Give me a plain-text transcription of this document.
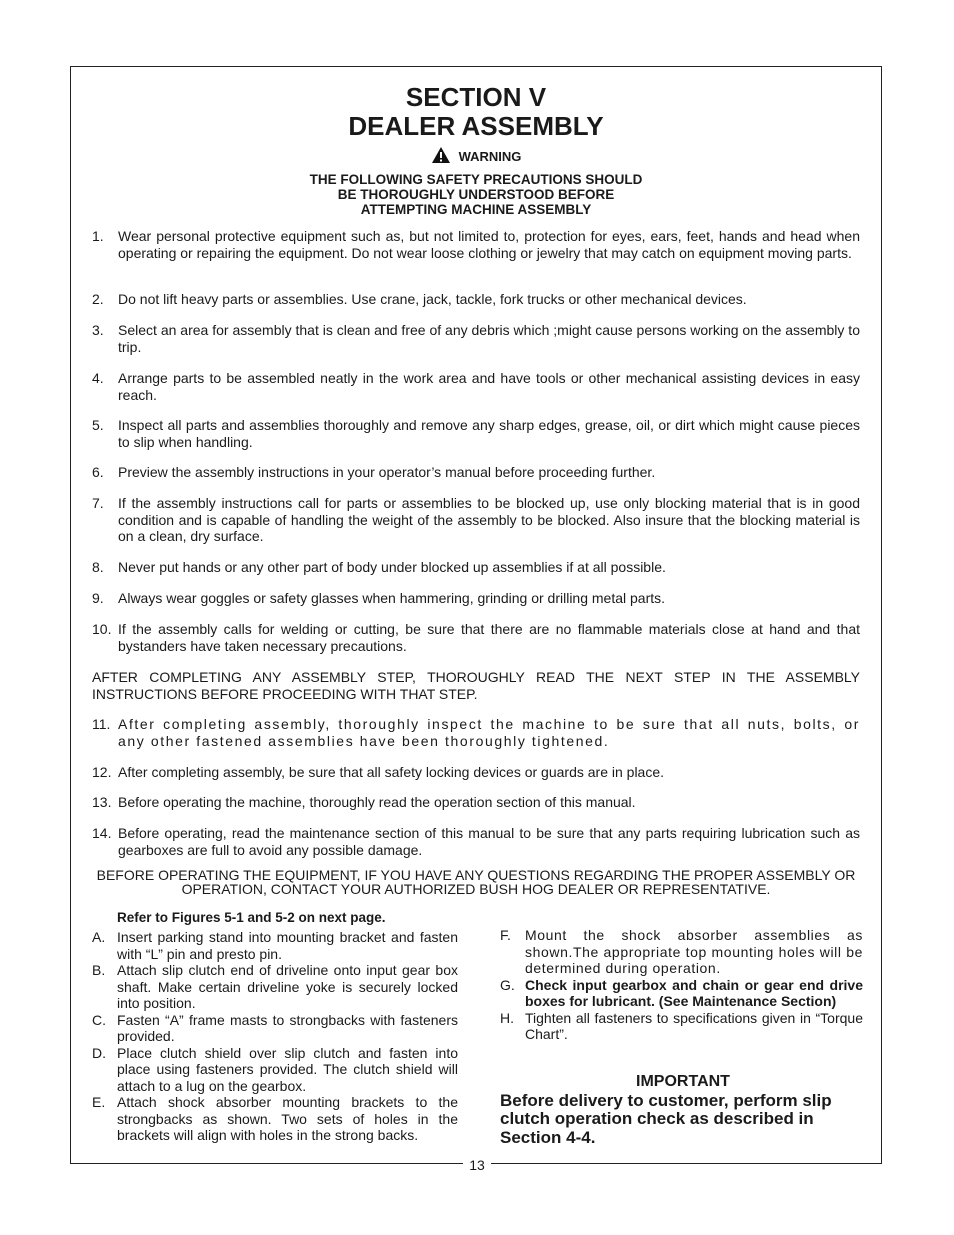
SECTION V
DEALER ASSEMBLY
WARNING
THE FOLLOWING SAFETY PRECAUTIONS SHOULD
BE THOROUGHLY UNDERSTOOD BEFORE
ATTEMPTING MACHINE ASSEMBLY
1. Wear personal protective equipment such as, but not limited to, protection for eyes, ears, feet, hands and head when operating or repairing the equipment. Do not wear loose clothing or jewelry that may catch on equipment moving parts.
2. Do not lift heavy parts or assemblies. Use crane, jack, tackle, fork trucks or other mechanical devices.
3. Select an area for assembly that is clean and free of any debris which ;might cause persons working on the assembly to trip.
4. Arrange parts to be assembled neatly in the work area and have tools or other mechanical assisting devices in easy reach.
5. Inspect all parts and assemblies thoroughly and remove any sharp edges, grease, oil, or dirt which might cause pieces to slip when handling.
6. Preview the assembly instructions in your operator’s manual before proceeding further.
7. If the assembly instructions call for parts or assemblies to be blocked up, use only blocking material that is in good condition and is capable of handling the weight of the assembly to be blocked. Also insure that the blocking material is on a clean, dry surface.
8. Never put hands or any other part of body under blocked up assemblies if at all possible.
9. Always wear goggles or safety glasses when hammering, grinding or drilling metal parts.
10. If the assembly calls for welding or cutting, be sure that there are no flammable materials close at hand and that bystanders have taken necessary precautions.
AFTER COMPLETING ANY ASSEMBLY STEP, THOROUGHLY READ THE NEXT STEP IN THE ASSEMBLY INSTRUCTIONS BEFORE PROCEEDING WITH THAT STEP.
11. After completing assembly, thoroughly inspect the machine to be sure that all nuts, bolts, or any other fastened assemblies have been thoroughly tightened.
12. After completing assembly, be sure that all safety locking devices or guards are in place.
13. Before operating the machine, thoroughly read the operation section of this manual.
14. Before operating, read the maintenance section of this manual to be sure that any parts requiring lubrication such as gearboxes are full to avoid any possible damage.
BEFORE OPERATING THE EQUIPMENT, IF YOU HAVE ANY QUESTIONS REGARDING THE PROPER ASSEMBLY OR OPERATION, CONTACT YOUR AUTHORIZED BUSH HOG DEALER OR REPRESENTATIVE.
Refer to Figures 5-1 and 5-2 on next page.
A. Insert parking stand into mounting bracket and fasten with “L” pin and presto pin.
B. Attach slip clutch end of driveline onto input gear box shaft. Make certain driveline yoke is securely locked into position.
C. Fasten “A” frame masts to strongbacks with fasteners provided.
D. Place clutch shield over slip clutch and fasten into place using fasteners provided. The clutch shield will attach to a lug on the gearbox.
E. Attach shock absorber mounting brackets to the strongbacks as shown. Two sets of holes in the brackets will align with holes in the strong backs.
F. Mount the shock absorber assemblies as shown.The appropriate top mounting holes will be determined during operation.
G. Check input gearbox and chain or gear end drive boxes for lubricant. (See Maintenance Section)
H. Tighten all fasteners to specifications given in “Torque Chart”.
IMPORTANT
Before delivery to customer, perform slip clutch operation check as described in Section 4-4.
13
